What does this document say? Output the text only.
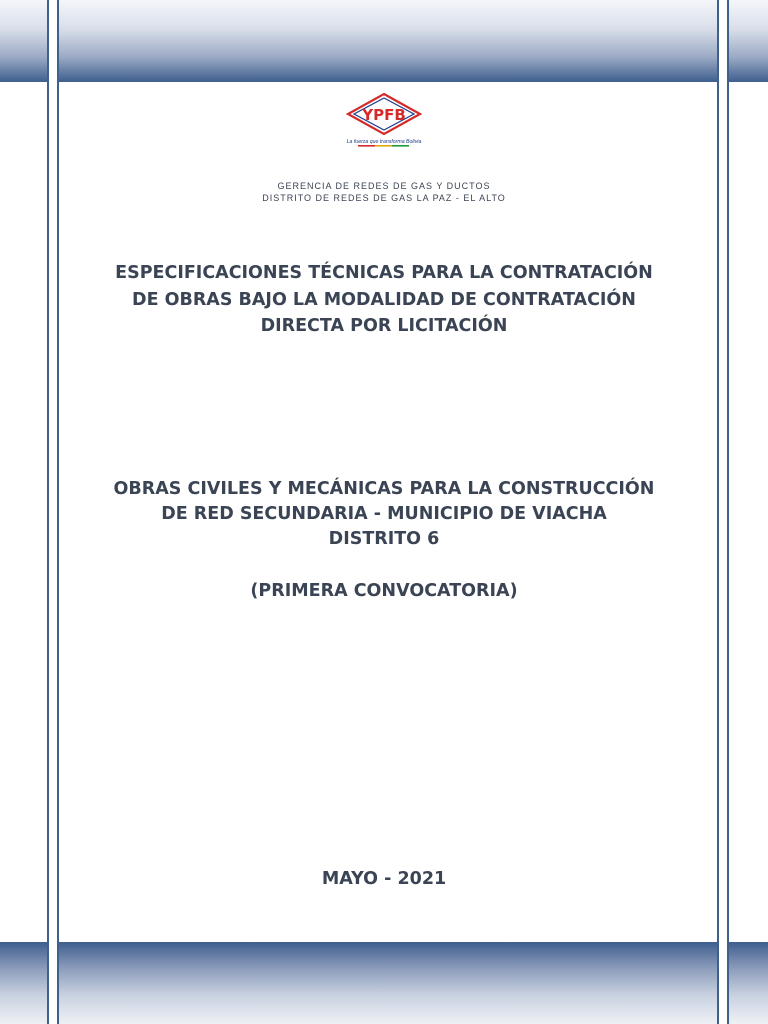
YPFB
La fuerza que transforma Bolivia
GERENCIA DE REDES DE GAS Y DUCTOS
DISTRITO DE REDES DE GAS LA PAZ - EL ALTO
ESPECIFICACIONES TÉCNICAS PARA LA CONTRATACIÓN
DE OBRAS BAJO LA MODALIDAD DE CONTRATACIÓN
DIRECTA POR LICITACIÓN
OBRAS CIVILES Y MECÁNICAS PARA LA CONSTRUCCIÓN
DE RED SECUNDARIA - MUNICIPIO DE VIACHA
DISTRITO 6
(PRIMERA CONVOCATORIA)
MAYO - 2021
